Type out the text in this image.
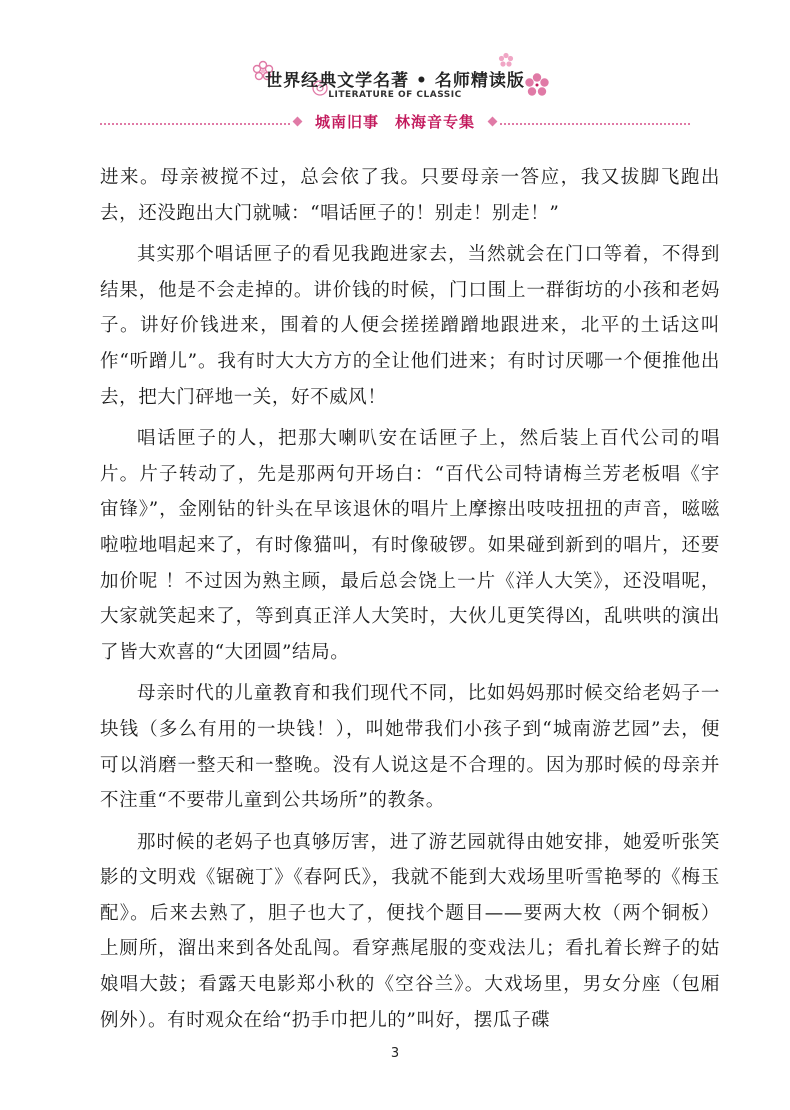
世界经典文学名著 • 名师精读版
LITERATURE OF CLASSIC
城南旧事　林海音专集

进来。母亲被搅不过，总会依了我。只要母亲一答应，我又拔脚飞跑出去，还没跑出大门就喊：“唱话匣子的！别走！别走！”

其实那个唱话匣子的看见我跑进家去，当然就会在门口等着，不得到结果，他是不会走掉的。讲价钱的时候，门口围上一群街坊的小孩和老妈子。讲好价钱进来，围着的人便会搓搓蹭蹭地跟进来，北平的土话这叫作“听蹭儿”。我有时大大方方的全让他们进来；有时讨厌哪一个便推他出去，把大门砰地一关，好不威风！

唱话匣子的人，把那大喇叭安在话匣子上，然后装上百代公司的唱片。片子转动了，先是那两句开场白：“百代公司特请梅兰芳老板唱《宇宙锋》”，金刚钻的针头在早该退休的唱片上摩擦出吱吱扭扭的声音，嗞嗞啦啦地唱起来了，有时像猫叫，有时像破锣。如果碰到新到的唱片，还要加价呢 ！不过因为熟主顾，最后总会饶上一片《洋人大笑》，还没唱呢，大家就笑起来了，等到真正洋人大笑时，大伙儿更笑得凶，乱哄哄的演出了皆大欢喜的“大团圆”结局。

母亲时代的儿童教育和我们现代不同，比如妈妈那时候交给老妈子一块钱（多么有用的一块钱！），叫她带我们小孩子到“城南游艺园”去，便可以消磨一整天和一整晚。没有人说这是不合理的。因为那时候的母亲并不注重“不要带儿童到公共场所”的教条。

那时候的老妈子也真够厉害，进了游艺园就得由她安排，她爱听张笑影的文明戏《锯碗丁》《春阿氏》，我就不能到大戏场里听雪艳琴的《梅玉配》。后来去熟了，胆子也大了，便找个题目——要两大枚（两个铜板）上厕所，溜出来到各处乱闯。看穿燕尾服的变戏法儿；看扎着长辫子的姑娘唱大鼓；看露天电影郑小秋的《空谷兰》。大戏场里，男女分座（包厢例外）。有时观众在给“扔手巾把儿的”叫好，摆瓜子碟

3
